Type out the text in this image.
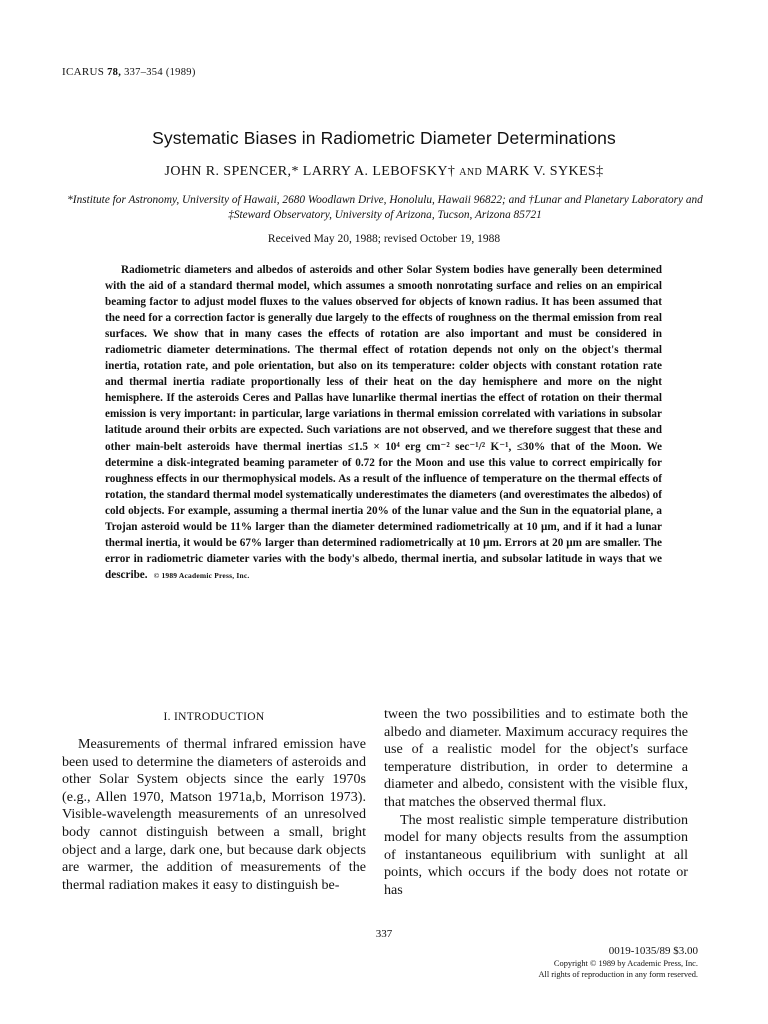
ICARUS 78, 337–354 (1989)
Systematic Biases in Radiometric Diameter Determinations
JOHN R. SPENCER,* LARRY A. LEBOFSKY† and MARK V. SYKES‡
*Institute for Astronomy, University of Hawaii, 2680 Woodlawn Drive, Honolulu, Hawaii 96822; and †Lunar and Planetary Laboratory and ‡Steward Observatory, University of Arizona, Tucson, Arizona 85721
Received May 20, 1988; revised October 19, 1988

Radiometric diameters and albedos of asteroids and other Solar System bodies have generally been determined with the aid of a standard thermal model, which assumes a smooth nonrotating surface and relies on an empirical beaming factor to adjust model fluxes to the values observed for objects of known radius. It has been assumed that the need for a correction factor is generally due largely to the effects of roughness on the thermal emission from real surfaces. We show that in many cases the effects of rotation are also important and must be considered in radiometric diameter determinations. The thermal effect of rotation depends not only on the object's thermal inertia, rotation rate, and pole orientation, but also on its temperature: colder objects with constant rotation rate and thermal inertia radiate proportionally less of their heat on the day hemisphere and more on the night hemisphere. If the asteroids Ceres and Pallas have lunarlike thermal inertias the effect of rotation on their thermal emission is very important: in particular, large variations in thermal emission correlated with variations in subsolar latitude around their orbits are expected. Such variations are not observed, and we therefore suggest that these and other main-belt asteroids have thermal inertias ≤1.5 × 10⁴ erg cm⁻² sec⁻¹/² K⁻¹, ≤30% that of the Moon. We determine a disk-integrated beaming parameter of 0.72 for the Moon and use this value to correct empirically for roughness effects in our thermophysical models. As a result of the influence of temperature on the thermal effects of rotation, the standard thermal model systematically underestimates the diameters (and overestimates the albedos) of cold objects. For example, assuming a thermal inertia 20% of the lunar value and the Sun in the equatorial plane, a Trojan asteroid would be 11% larger than the diameter determined radiometrically at 10 μm, and if it had a lunar thermal inertia, it would be 67% larger than determined radiometrically at 10 μm. Errors at 20 μm are smaller. The error in radiometric diameter varies with the body's albedo, thermal inertia, and subsolar latitude in ways that we describe. © 1989 Academic Press, Inc.

I. INTRODUCTION

Measurements of thermal infrared emission have been used to determine the diameters of asteroids and other Solar System objects since the early 1970s (e.g., Allen 1970, Matson 1971a,b, Morrison 1973). Visible-wavelength measurements of an unresolved body cannot distinguish between a small, bright object and a large, dark one, but because dark objects are warmer, the addition of measurements of the thermal radiation makes it easy to distinguish be-

tween the two possibilities and to estimate both the albedo and diameter. Maximum accuracy requires the use of a realistic model for the object's surface temperature distribution, in order to determine a diameter and albedo, consistent with the visible flux, that matches the observed thermal flux.

The most realistic simple temperature distribution model for many objects results from the assumption of instantaneous equilibrium with sunlight at all points, which occurs if the body does not rotate or has

337
0019-1035/89 $3.00
Copyright © 1989 by Academic Press, Inc.
All rights of reproduction in any form reserved.
